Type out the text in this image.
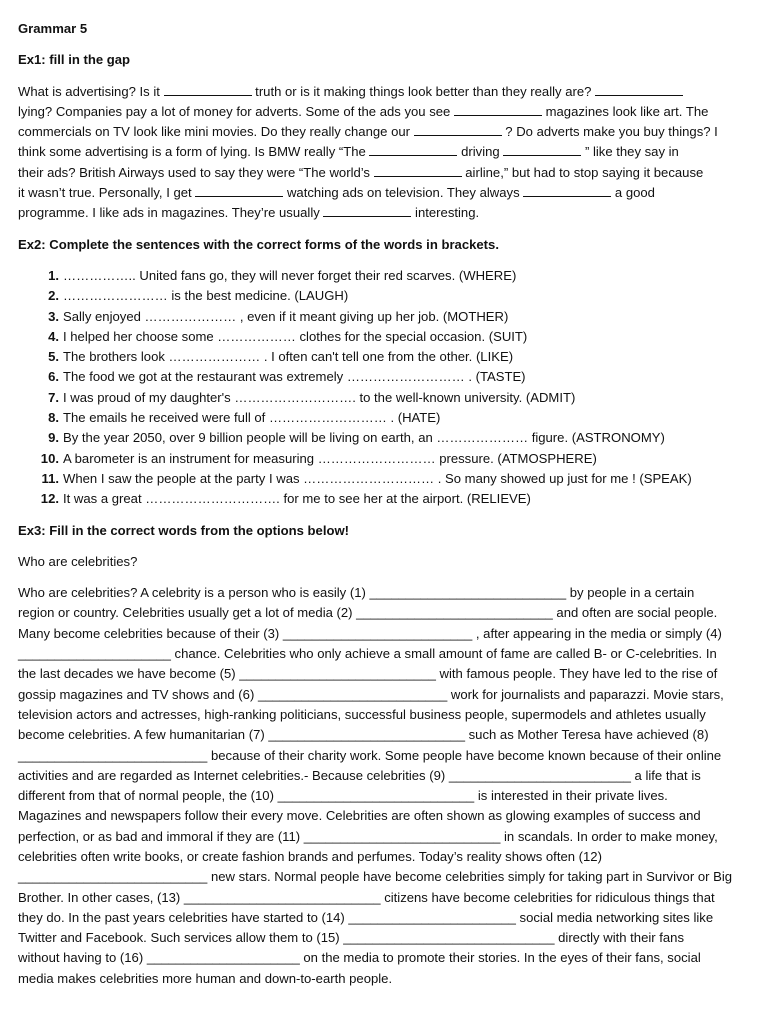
Grammar 5

Ex1: fill in the gap

What is advertising? Is it	truth or is it making things look better than they really are?
lying? Companies pay a lot of money for adverts. Some of the ads you see	magazines look like art. The
commercials on TV look like mini movies. Do they really change our	? Do adverts make you buy things? I
think some advertising is a form of lying. Is BMW really “The	driving	” like they say in
their ads? British Airways used to say they were “The world’s	airline,” but had to stop saying it because
it wasn’t true. Personally, I get	watching ads on television. They always	a good
programme. I like ads in magazines. They’re usually	interesting.

Ex2: Complete the sentences with the correct forms of the words in brackets.

1. …………….. United fans go, they will never forget their red scarves. (WHERE)
2. …………………… is the best medicine. (LAUGH)
3. Sally enjoyed ………………… , even if it meant giving up her job. (MOTHER)
4. I helped her choose some ……………… clothes for the special occasion. (SUIT)
5. The brothers look ………………… . I often can't tell one from the other. (LIKE)
6. The food we got at the restaurant was extremely ……………………… . (TASTE)
7. I was proud of my daughter's ………………………. to the well-known university. (ADMIT)
8. The emails he received were full of ……………………… . (HATE)
9. By the year 2050, over 9 billion people will be living on earth, an ………………… figure. (ASTRONOMY)
10. A barometer is an instrument for measuring ……………………… pressure. (ATMOSPHERE)
11. When I saw the people at the party I was ………………………… . So many showed up just for me ! (SPEAK)
12. It was a great …………………………. for me to see her at the airport. (RELIEVE)

Ex3: Fill in the correct words from the options below!

Who are celebrities?

Who are celebrities? A celebrity is a person who is easily (1) ___________________________ by people in a certain
region or country. Celebrities usually get a lot of media (2) ___________________________ and often are social people.
Many become celebrities because of their (3) __________________________ , after appearing in the media or simply (4)
_____________________ chance. Celebrities who only achieve a small amount of fame are called B- or C-celebrities. In
the last decades we have become (5) ___________________________ with famous people. They have led to the rise of
gossip magazines and TV shows and (6) __________________________ work for journalists and paparazzi. Movie stars,
television actors and actresses, high-ranking politicians, successful business people, supermodels and athletes usually
become celebrities. A few humanitarian (7) ___________________________ such as Mother Teresa have achieved (8)
__________________________ because of their charity work. Some people have become known because of their online
activities and are regarded as Internet celebrities.- Because celebrities (9) _________________________ a life that is
different from that of normal people, the (10) ___________________________ is interested in their private lives.
Magazines and newspapers follow their every move. Celebrities are often shown as glowing examples of success and
perfection, or as bad and immoral if they are (11) ___________________________ in scandals. In order to make money,
celebrities often write books, or create fashion brands and perfumes. Today’s reality shows often (12)
__________________________ new stars. Normal people have become celebrities simply for taking part in Survivor or Big
Brother. In other cases, (13) ___________________________ citizens have become celebrities for ridiculous things that
they do. In the past years celebrities have started to (14) _______________________ social media networking sites like
Twitter and Facebook. Such services allow them to (15) _____________________________ directly with their fans
without having to (16) _____________________ on the media to promote their stories. In the eyes of their fans, social
media makes celebrities more human and down-to-earth people.
